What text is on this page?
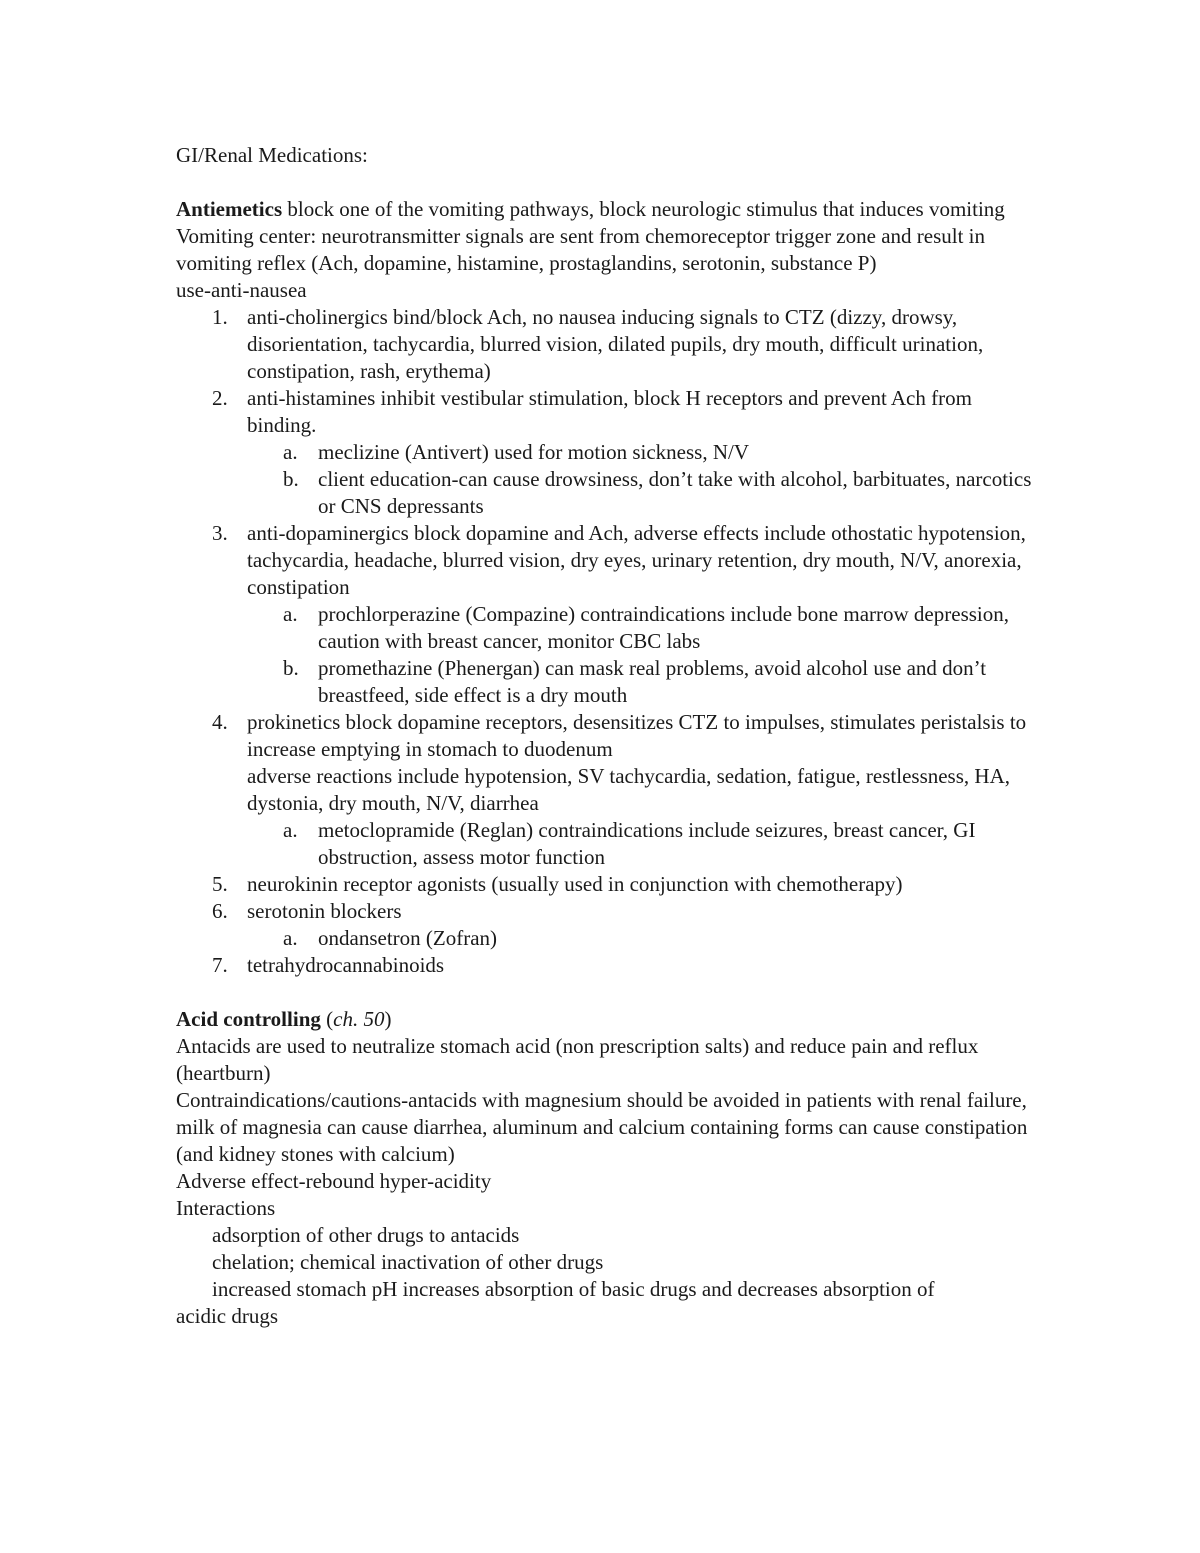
GI/Renal Medications:

Antiemetics block one of the vomiting pathways, block neurologic stimulus that induces vomiting

Vomiting center: neurotransmitter signals are sent from chemoreceptor trigger zone and result in vomiting reflex (Ach, dopamine, histamine, prostaglandins, serotonin, substance P)

use-anti-nausea

1. anti-cholinergics bind/block Ach, no nausea inducing signals to CTZ (dizzy, drowsy, disorientation, tachycardia, blurred vision, dilated pupils, dry mouth, difficult urination, constipation, rash, erythema)
2. anti-histamines inhibit vestibular stimulation, block H receptors and prevent Ach from binding.
a. meclizine (Antivert) used for motion sickness, N/V
b. client education-can cause drowsiness, don’t take with alcohol, barbituates, narcotics or CNS depressants
3. anti-dopaminergics block dopamine and Ach, adverse effects include othostatic hypotension, tachycardia, headache, blurred vision, dry eyes, urinary retention, dry mouth, N/V, anorexia, constipation
a. prochlorperazine (Compazine) contraindications include bone marrow depression, caution with breast cancer, monitor CBC labs
b. promethazine (Phenergan) can mask real problems, avoid alcohol use and don’t breastfeed, side effect is a dry mouth
4. prokinetics block dopamine receptors, desensitizes CTZ to impulses, stimulates peristalsis to increase emptying in stomach to duodenum
adverse reactions include hypotension, SV tachycardia, sedation, fatigue, restlessness, HA, dystonia, dry mouth, N/V, diarrhea
a. metoclopramide (Reglan) contraindications include seizures, breast cancer, GI obstruction, assess motor function
5. neurokinin receptor agonists (usually used in conjunction with chemotherapy)
6. serotonin blockers
a. ondansetron (Zofran)
7. tetrahydrocannabinoids

Acid controlling (ch. 50)

Antacids are used to neutralize stomach acid (non prescription salts) and reduce pain and reflux (heartburn)

Contraindications/cautions-antacids with magnesium should be avoided in patients with renal failure, milk of magnesia can cause diarrhea, aluminum and calcium containing forms can cause constipation (and kidney stones with calcium)

Adverse effect-rebound hyper-acidity

Interactions

adsorption of other drugs to antacids

chelation; chemical inactivation of other drugs

increased stomach pH increases absorption of basic drugs and decreases absorption of

acidic drugs
